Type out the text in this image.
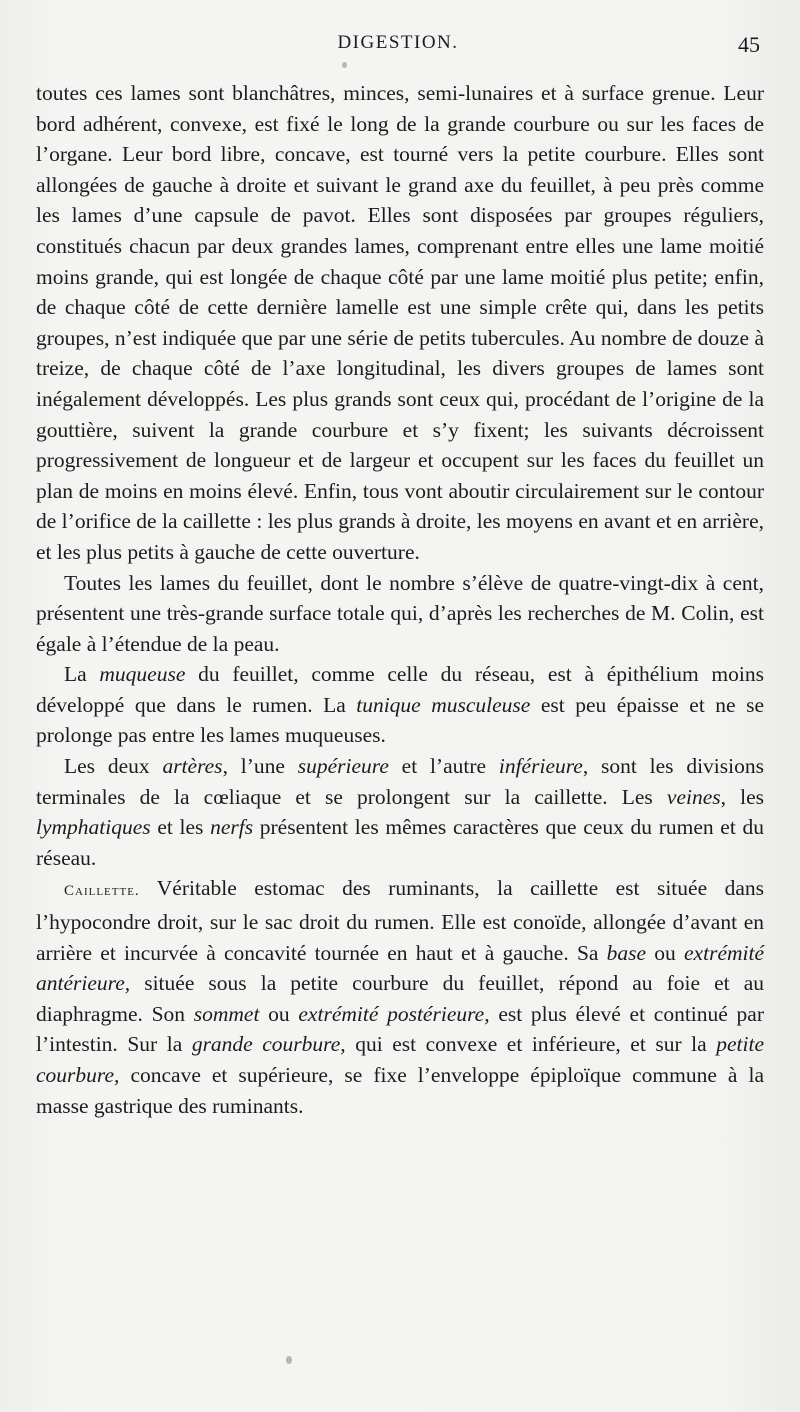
DIGESTION.	45

toutes ces lames sont blanchâtres, minces, semi-lunaires et à surface grenue. Leur bord adhérent, convexe, est fixé le long de la grande courbure ou sur les faces de l’organe. Leur bord libre, concave, est tourné vers la petite courbure. Elles sont allongées de gauche à droite et suivant le grand axe du feuillet, à peu près comme les lames d’une capsule de pavot. Elles sont disposées par groupes réguliers, constitués chacun par deux grandes lames, comprenant entre elles une lame moitié moins grande, qui est longée de chaque côté par une lame moitié plus petite; enfin, de chaque côté de cette dernière lamelle est une simple crête qui, dans les petits groupes, n’est indiquée que par une série de petits tubercules. Au nombre de douze à treize, de chaque côté de l’axe longitudinal, les divers groupes de lames sont inégalement développés. Les plus grands sont ceux qui, procédant de l’origine de la gouttière, suivent la grande courbure et s’y fixent; les suivants décroissent progressivement de longueur et de largeur et occupent sur les faces du feuillet un plan de moins en moins élevé. Enfin, tous vont aboutir circulairement sur le contour de l’orifice de la caillette : les plus grands à droite, les moyens en avant et en arrière, et les plus petits à gauche de cette ouverture.

Toutes les lames du feuillet, dont le nombre s’élève de quatre-vingt-dix à cent, présentent une très-grande surface totale qui, d’après les recherches de M. Colin, est égale à l’étendue de la peau.

La muqueuse du feuillet, comme celle du réseau, est à épithélium moins développé que dans le rumen. La tunique musculeuse est peu épaisse et ne se prolonge pas entre les lames muqueuses.

Les deux artères, l’une supérieure et l’autre inférieure, sont les divisions terminales de la cœliaque et se prolongent sur la caillette. Les veines, les lymphatiques et les nerfs présentent les mêmes caractères que ceux du rumen et du réseau.

Caillette. Véritable estomac des ruminants, la caillette est située dans l’hypocondre droit, sur le sac droit du rumen. Elle est conoïde, allongée d’avant en arrière et incurvée à concavité tournée en haut et à gauche. Sa base ou extrémité antérieure, située sous la petite courbure du feuillet, répond au foie et au diaphragme. Son sommet ou extrémité postérieure, est plus élevé et continué par l’intestin. Sur la grande courbure, qui est convexe et inférieure, et sur la petite courbure, concave et supérieure, se fixe l’enveloppe épiploïque commune à la masse gastrique des ruminants.
